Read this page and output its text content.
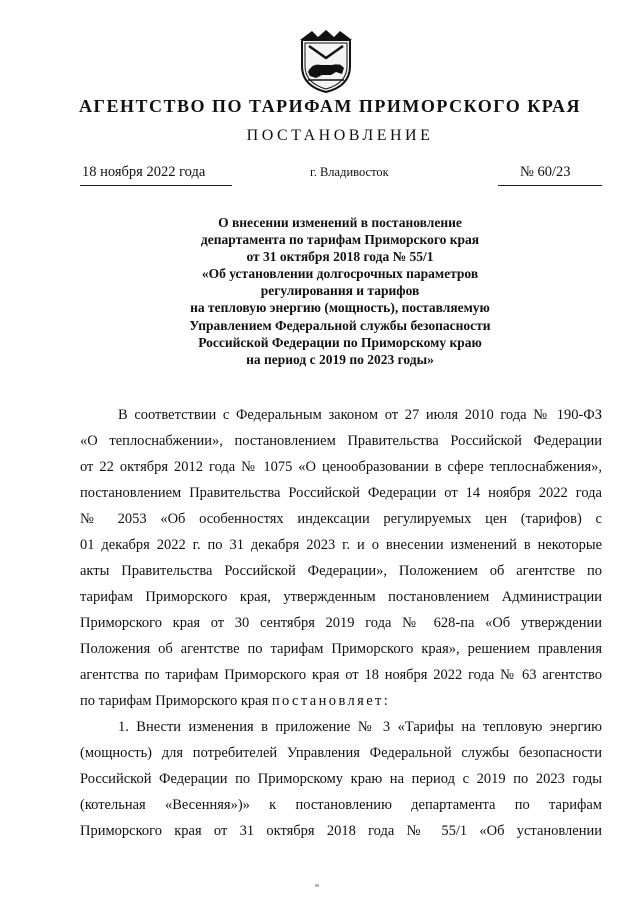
АГЕНТСТВО ПО ТАРИФАМ ПРИМОРСКОГО КРАЯ
ПОСТАНОВЛЕНИЕ
18 ноября 2022 года	г. Владивосток	№ 60/23
О внесении изменений в постановление
департамента по тарифам Приморского края
от 31 октября 2018 года № 55/1
«Об установлении долгосрочных параметров
регулирования и тарифов
на тепловую энергию (мощность), поставляемую
Управлением Федеральной службы безопасности
Российской Федерации по Приморскому краю
на период с 2019 по 2023 годы»
В соответствии с Федеральным законом от 27 июля 2010 года № 190-ФЗ
«О теплоснабжении», постановлением Правительства Российской Федерации
от 22 октября 2012 года № 1075 «О ценообразовании в сфере теплоснабжения»,
постановлением Правительства Российской Федерации от 14 ноября 2022 года
№ 2053 «Об особенностях индексации регулируемых цен (тарифов) с
01 декабря 2022 г. по 31 декабря 2023 г. и о внесении изменений в некоторые
акты Правительства Российской Федерации», Положением об агентстве по
тарифам Приморского края, утвержденным постановлением Администрации
Приморского края от 30 сентября 2019 года № 628-па «Об утверждении
Положения об агентстве по тарифам Приморского края», решением правления
агентства по тарифам Приморского края от 18 ноября 2022 года № 63 агентство
по тарифам Приморского края постановляет:
1. Внести изменения в приложение № 3 «Тарифы на тепловую энергию
(мощность) для потребителей Управления Федеральной службы безопасности
Российской Федерации по Приморскому краю на период с 2019 по 2023 годы
(котельная «Весенняя»)» к постановлению департамента по тарифам
Приморского края от 31 октября 2018 года № 55/1 «Об установлении
